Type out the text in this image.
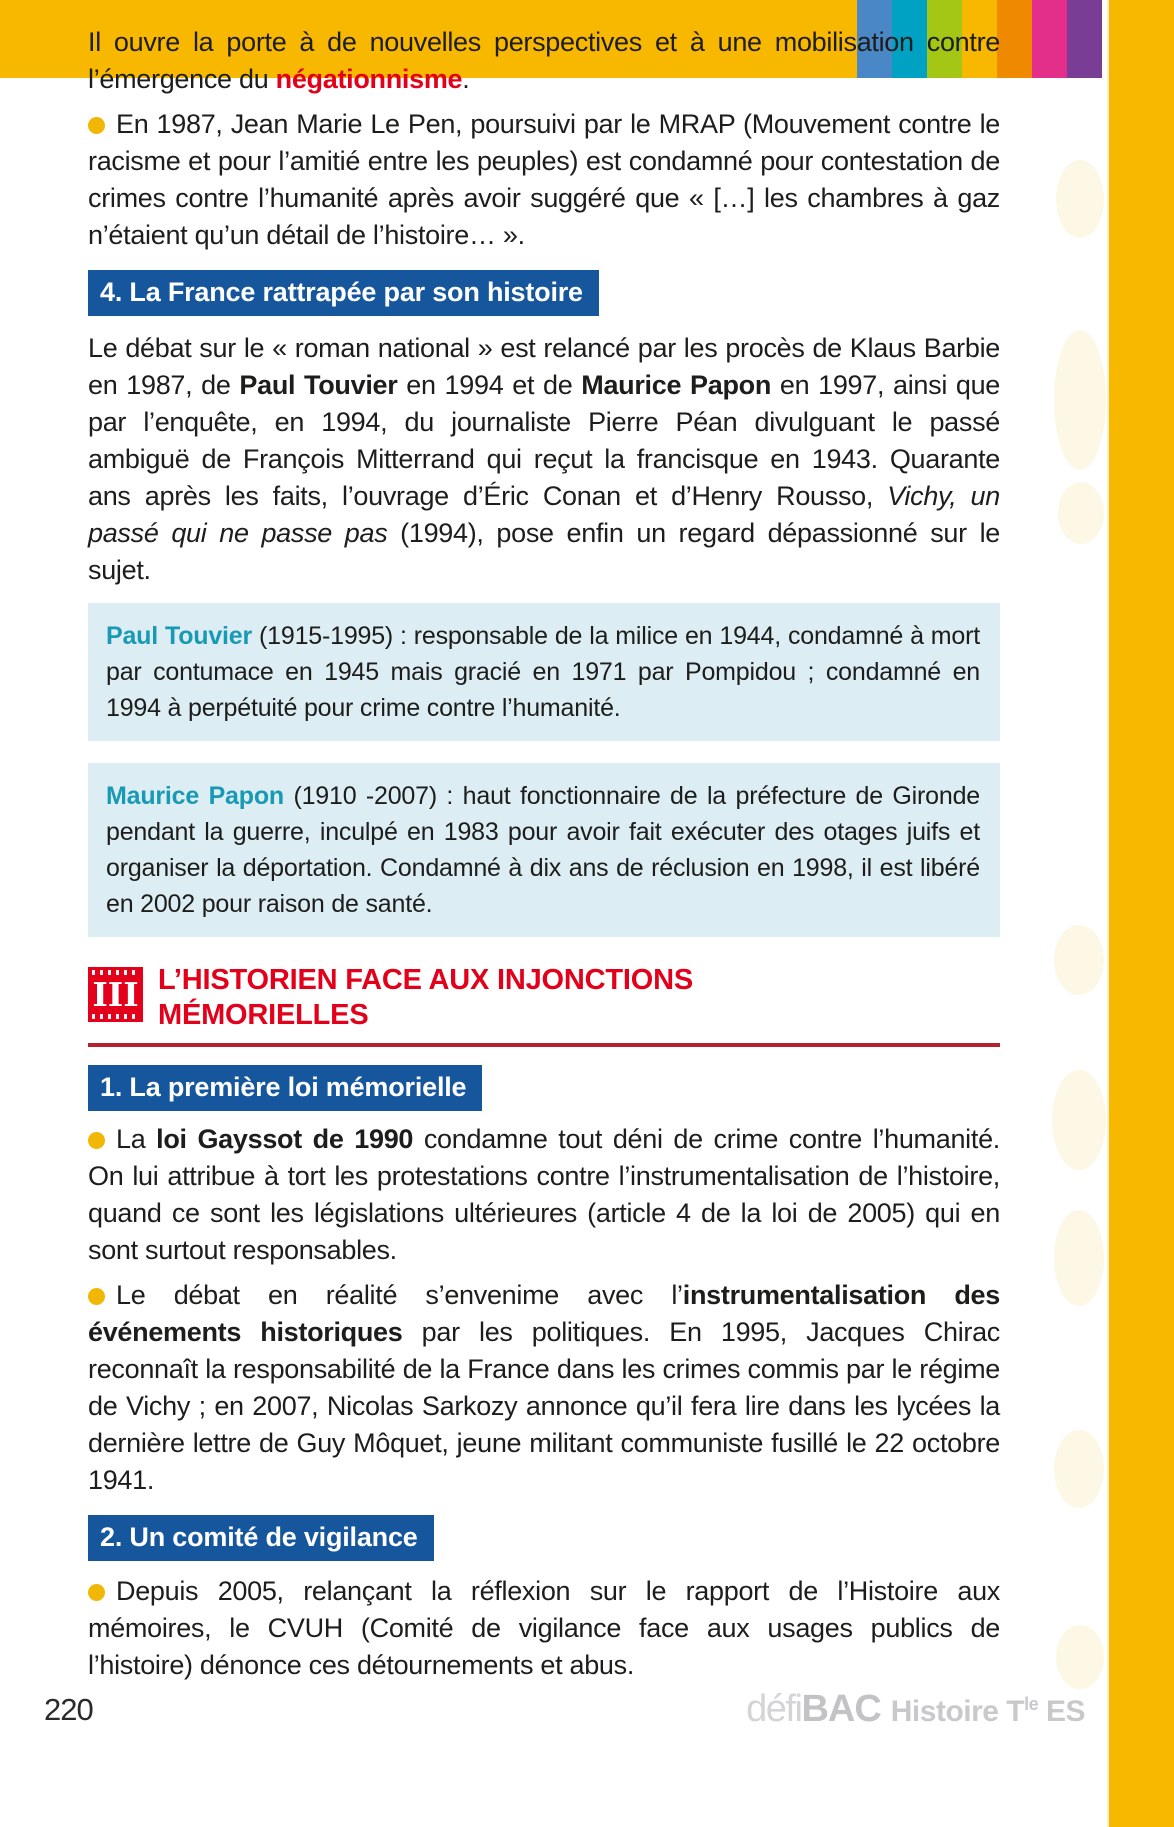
Il ouvre la porte à de nouvelles perspectives et à une mobilisation contre l’émergence du négationnisme.

En 1987, Jean Marie Le Pen, poursuivi par le MRAP (Mouvement contre le racisme et pour l’amitié entre les peuples) est condamné pour contestation de crimes contre l’humanité après avoir suggéré que « […] les chambres à gaz n’étaient qu’un détail de l’histoire… ».

4. La France rattrapée par son histoire

Le débat sur le « roman national » est relancé par les procès de Klaus Barbie en 1987, de Paul Touvier en 1994 et de Maurice Papon en 1997, ainsi que par l’enquête, en 1994, du journaliste Pierre Péan divulguant le passé ambiguë de François Mitterrand qui reçut la francisque en 1943. Quarante ans après les faits, l’ouvrage d’Éric Conan et d’Henry Rousso, Vichy, un passé qui ne passe pas (1994), pose enfin un regard dépassionné sur le sujet.

Paul Touvier (1915-1995) : responsable de la milice en 1944, condamné à mort par contumace en 1945 mais gracié en 1971 par Pompidou ; condamné en 1994 à perpétuité pour crime contre l’humanité.
Maurice Papon (1910 -2007) : haut fonctionnaire de la préfecture de Gironde pendant la guerre, inculpé en 1983 pour avoir fait exécuter des otages juifs et organiser la déportation. Condamné à dix ans de réclusion en 1998, il est libéré en 2002 pour raison de santé.
III L’HISTORIEN FACE AUX INJONCTIONS
MÉMORIELLES
1. La première loi mémorielle

La loi Gayssot de 1990 condamne tout déni de crime contre l’humanité. On lui attribue à tort les protestations contre l’instrumentalisation de l’histoire, quand ce sont les législations ultérieures (article 4 de la loi de 2005) qui en sont surtout responsables.

Le débat en réalité s’envenime avec l’instrumentalisation des événements historiques par les politiques. En 1995, Jacques Chirac reconnaît la responsabilité de la France dans les crimes commis par le régime de Vichy ; en 2007, Nicolas Sarkozy annonce qu’il fera lire dans les lycées la dernière lettre de Guy Môquet, jeune militant communiste fusillé le 22 octobre 1941.

2. Un comité de vigilance

Depuis 2005, relançant la réflexion sur le rapport de l’Histoire aux mémoires, le CVUH (Comité de vigilance face aux usages publics de l’histoire) dénonce ces détournements et abus.

220	défiBAC Histoire $T^{le}$ ES
